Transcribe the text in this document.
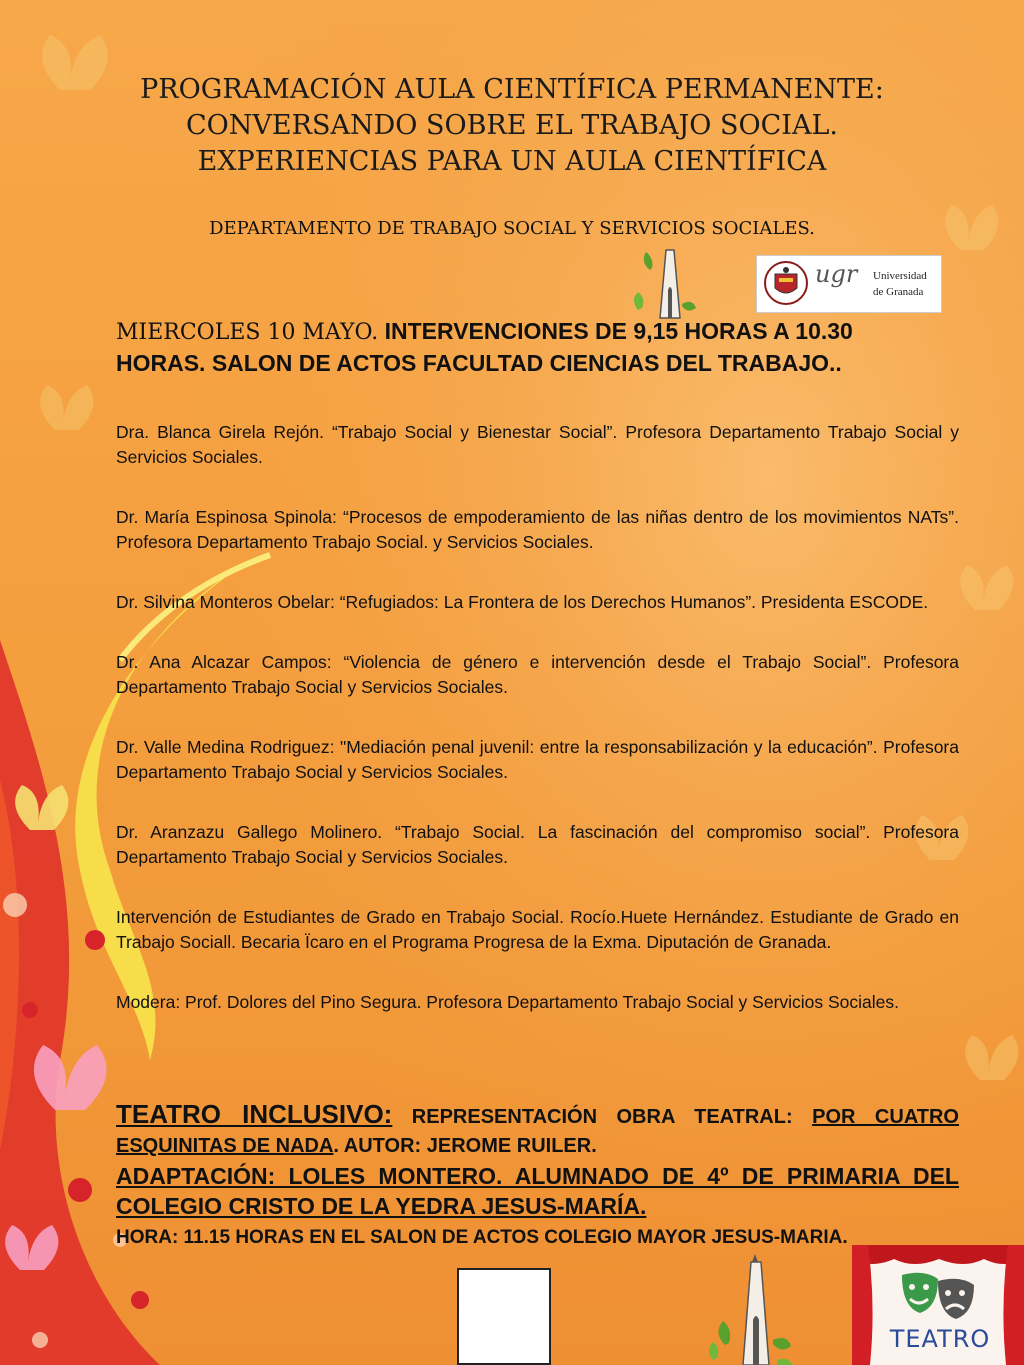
PROGRAMACIÓN AULA CIENTÍFICA PERMANENTE:
CONVERSANDO SOBRE EL TRABAJO SOCIAL.
EXPERIENCIAS PARA UN AULA CIENTÍFICA
DEPARTAMENTO DE TRABAJO SOCIAL Y SERVICIOS SOCIALES.
ugr Universidad
de Granada
MIERCOLES 10 MAYO. INTERVENCIONES DE 9,15 HORAS A 10.30 HORAS. SALON DE ACTOS FACULTAD CIENCIAS DEL TRABAJO..

Dra. Blanca Girela Rejón. “Trabajo Social y Bienestar Social”. Profesora Departamento Trabajo Social y Servicios Sociales.

Dr. María Espinosa Spinola: “Procesos de empoderamiento de las niñas dentro de los movimientos NATs”. Profesora Departamento Trabajo Social. y Servicios Sociales.

Dr. Silvina Monteros Obelar: “Refugiados: La Frontera de los Derechos Humanos”. Presidenta ESCODE.

Dr. Ana Alcazar Campos: “Violencia de género e intervención desde el Trabajo Social”. Profesora Departamento Trabajo Social y Servicios Sociales.

Dr. Valle Medina Rodriguez: "Mediación penal juvenil: entre la responsabilización y la educación”. Profesora Departamento Trabajo Social y Servicios Sociales.

Dr. Aranzazu Gallego Molinero. “Trabajo Social. La fascinación del compromiso social”. Profesora Departamento Trabajo Social y Servicios Sociales.

Intervención de Estudiantes de Grado en Trabajo Social. Rocío.Huete Hernández. Estudiante de Grado en Trabajo Sociall. Becaria Ïcaro en el Programa Progresa de la Exma. Diputación de Granada.

Modera: Prof. Dolores del Pino Segura. Profesora Departamento Trabajo Social y Servicios Sociales.

TEATRO INCLUSIVO: REPRESENTACIÓN OBRA TEATRAL: POR CUATRO ESQUINITAS DE NADA. AUTOR: JEROME RUILER.
ADAPTACIÓN: LOLES MONTERO. ALUMNADO DE 4º DE PRIMARIA DEL COLEGIO CRISTO DE LA YEDRA JESUS-MARÍA.
HORA: 11.15 HORAS EN EL SALON DE ACTOS COLEGIO MAYOR JESUS-MARIA.
TEATRO
